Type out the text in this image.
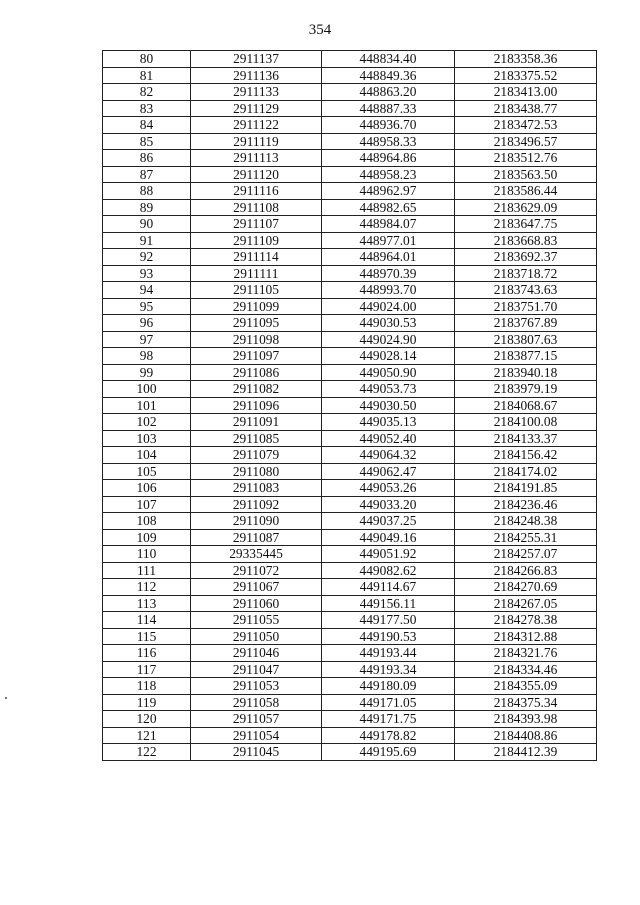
354
80	2911137	448834.40	2183358.36
81	2911136	448849.36	2183375.52
82	2911133	448863.20	2183413.00
83	2911129	448887.33	2183438.77
84	2911122	448936.70	2183472.53
85	2911119	448958.33	2183496.57
86	2911113	448964.86	2183512.76
87	2911120	448958.23	2183563.50
88	2911116	448962.97	2183586.44
89	2911108	448982.65	2183629.09
90	2911107	448984.07	2183647.75
91	2911109	448977.01	2183668.83
92	2911114	448964.01	2183692.37
93	2911111	448970.39	2183718.72
94	2911105	448993.70	2183743.63
95	2911099	449024.00	2183751.70
96	2911095	449030.53	2183767.89
97	2911098	449024.90	2183807.63
98	2911097	449028.14	2183877.15
99	2911086	449050.90	2183940.18
100	2911082	449053.73	2183979.19
101	2911096	449030.50	2184068.67
102	2911091	449035.13	2184100.08
103	2911085	449052.40	2184133.37
104	2911079	449064.32	2184156.42
105	2911080	449062.47	2184174.02
106	2911083	449053.26	2184191.85
107	2911092	449033.20	2184236.46
108	2911090	449037.25	2184248.38
109	2911087	449049.16	2184255.31
110	29335445	449051.92	2184257.07
111	2911072	449082.62	2184266.83
112	2911067	449114.67	2184270.69
113	2911060	449156.11	2184267.05
114	2911055	449177.50	2184278.38
115	2911050	449190.53	2184312.88
116	2911046	449193.44	2184321.76
117	2911047	449193.34	2184334.46
118	2911053	449180.09	2184355.09
119	2911058	449171.05	2184375.34
120	2911057	449171.75	2184393.98
121	2911054	449178.82	2184408.86
122	2911045	449195.69	2184412.39
